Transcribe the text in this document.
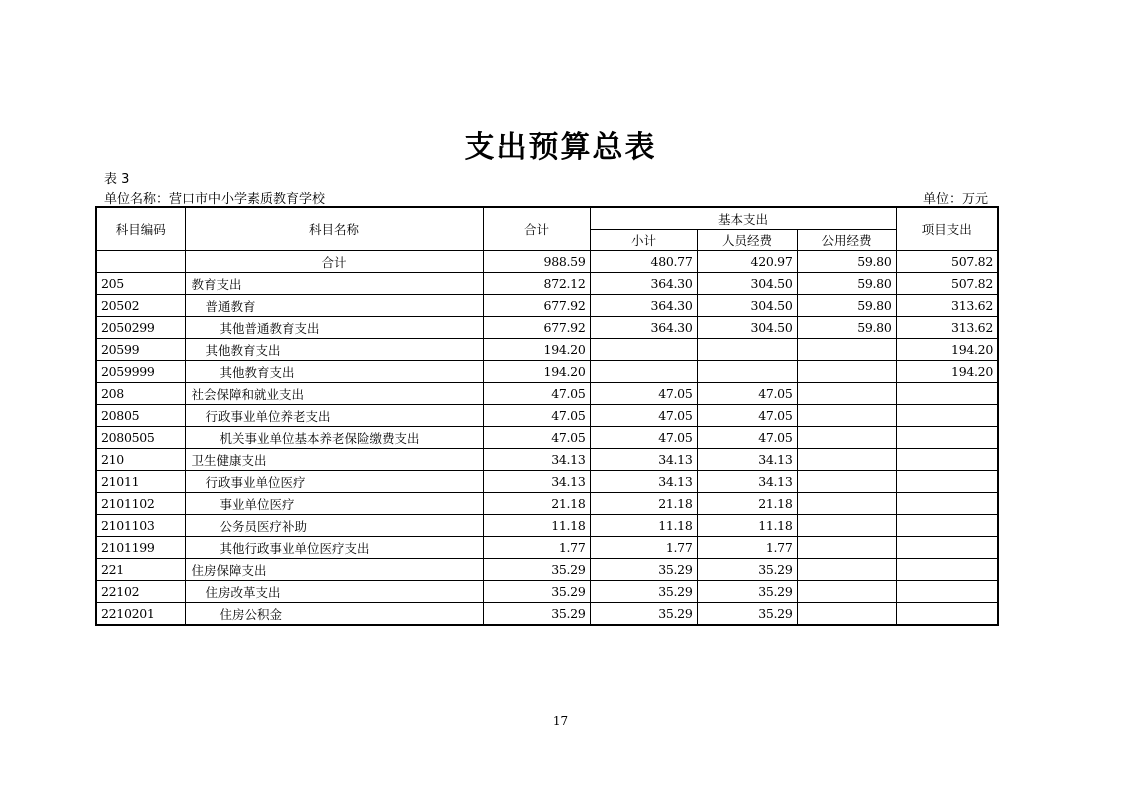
支出预算总表
表 3
单位名称：营口市中小学素质教育学校	单位：万元
科目编码	科目名称	合计	基本支出			项目支出
			小计	人员经费	公用经费	
	合计	988.59	480.77	420.97	59.80	507.82
205	教育支出	872.12	364.30	304.50	59.80	507.82
20502	普通教育	677.92	364.30	304.50	59.80	313.62
2050299	其他普通教育支出	677.92	364.30	304.50	59.80	313.62
20599	其他教育支出	194.20				194.20
2059999	其他教育支出	194.20				194.20
208	社会保障和就业支出	47.05	47.05	47.05		
20805	行政事业单位养老支出	47.05	47.05	47.05		
2080505	机关事业单位基本养老保险缴费支出	47.05	47.05	47.05		
210	卫生健康支出	34.13	34.13	34.13		
21011	行政事业单位医疗	34.13	34.13	34.13		
2101102	事业单位医疗	21.18	21.18	21.18		
2101103	公务员医疗补助	11.18	11.18	11.18		
2101199	其他行政事业单位医疗支出	1.77	1.77	1.77		
221	住房保障支出	35.29	35.29	35.29		
22102	住房改革支出	35.29	35.29	35.29		
2210201	住房公积金	35.29	35.29	35.29		
17
